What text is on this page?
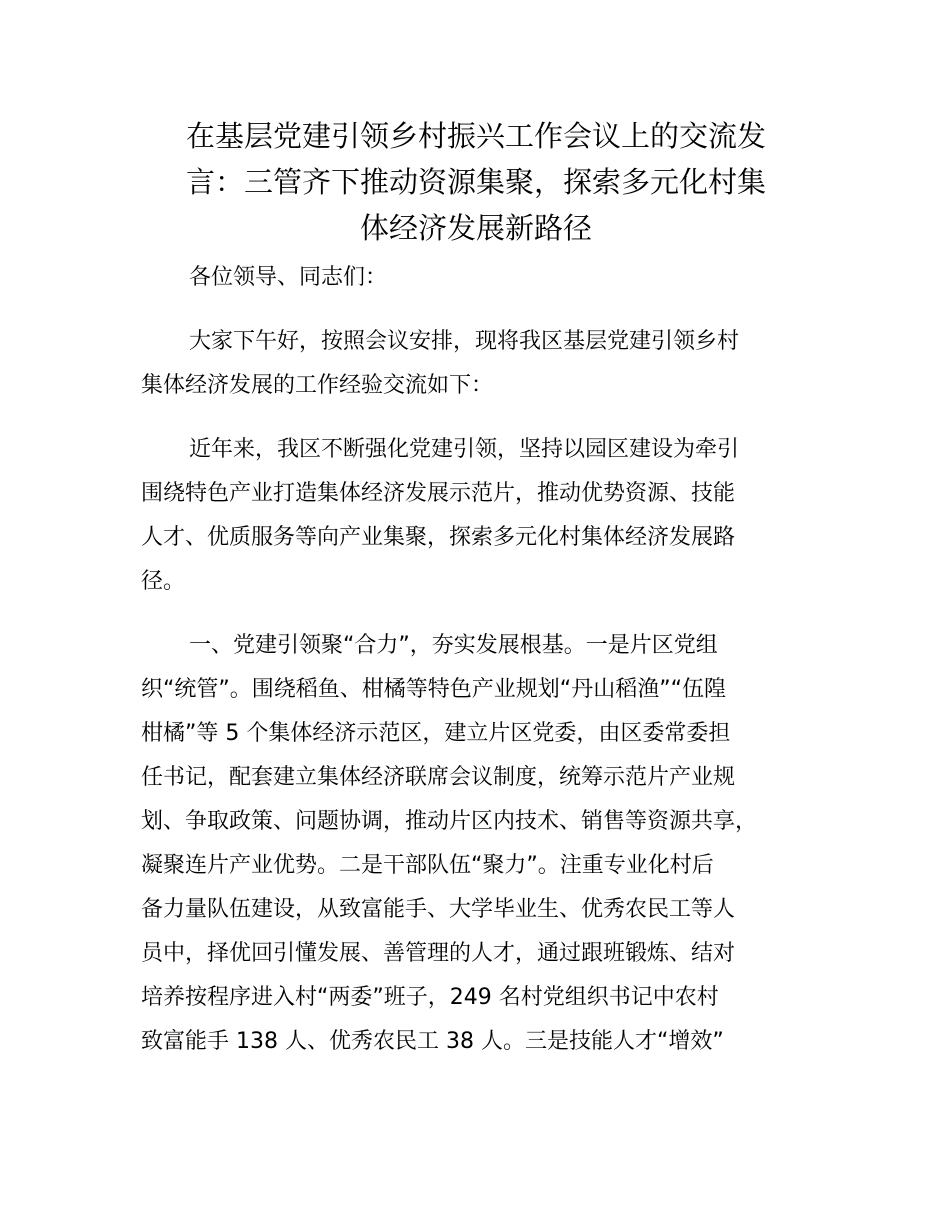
在基层党建引领乡村振兴工作会议上的交流发
言：三管齐下推动资源集聚，探索多元化村集
体经济发展新路径
各位领导、同志们：
大家下午好，按照会议安排，现将我区基层党建引领乡村
集体经济发展的工作经验交流如下：
近年来，我区不断强化党建引领，坚持以园区建设为牵引
围绕特色产业打造集体经济发展示范片，推动优势资源、技能
人才、优质服务等向产业集聚，探索多元化村集体经济发展路
径。
一、党建引领聚“合力”，夯实发展根基。一是片区党组
织“统管”。围绕稻鱼、柑橘等特色产业规划“丹山稻渔”“伍隍
柑橘”等 5 个集体经济示范区，建立片区党委，由区委常委担
任书记，配套建立集体经济联席会议制度，统筹示范片产业规
划、争取政策、问题协调，推动片区内技术、销售等资源共享，
凝聚连片产业优势。二是干部队伍“聚力”。注重专业化村后
备力量队伍建设，从致富能手、大学毕业生、优秀农民工等人
员中，择优回引懂发展、善管理的人才，通过跟班锻炼、结对
培养按程序进入村“两委”班子，249 名村党组织书记中农村
致富能手 138 人、优秀农民工 38 人。三是技能人才“增效”
